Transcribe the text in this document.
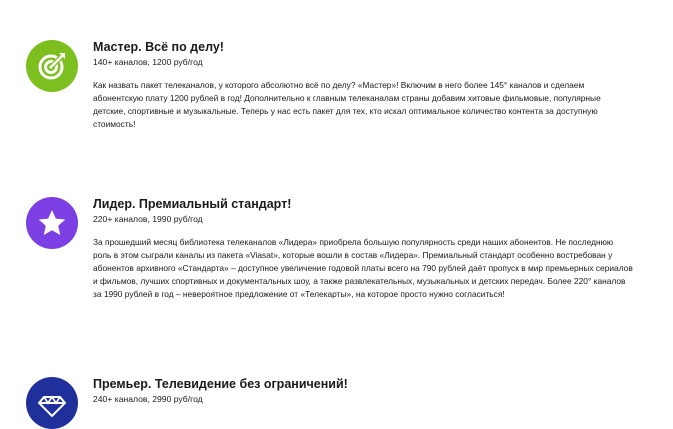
Мастер. Всё по делу!

140+ каналов, 1200 руб/год

Как назвать пакет телеканалов, у которого абсолютно всё по делу? «Мастер»! Включим в него более 145° каналов и сделаем абонентскую плату 1200 рублей в год! Дополнительно к главным телеканалам страны добавим хитовые фильмовые, популярные детские, спортивные и музыкальные. Теперь у нас есть пакет для тех, кто искал оптимальное количество контента за доступную стоимость!

Лидер. Премиальный стандарт!

220+ каналов, 1990 руб/год

За прошедший месяц библиотека телеканалов «Лидера» приобрела большую популярность среди наших абонентов. Не последнюю роль в этом сыграли каналы из пакета «Viasat», которые вошли в состав «Лидера». Премиальный стандарт особенно востребован у абонентов архивного «Стандарта» – доступное увеличение годовой платы всего на 790 рублей даёт пропуск в мир премьерных сериалов и фильмов, лучших спортивных и документальных шоу, а также развлекательных, музыкальных и детских передач. Более 220° каналов за 1990 рублей в год – невероятное предложение от «Телекарты», на которое просто нужно согласиться!

Премьер. Телевидение без ограничений!

240+ каналов, 2990 руб/год
